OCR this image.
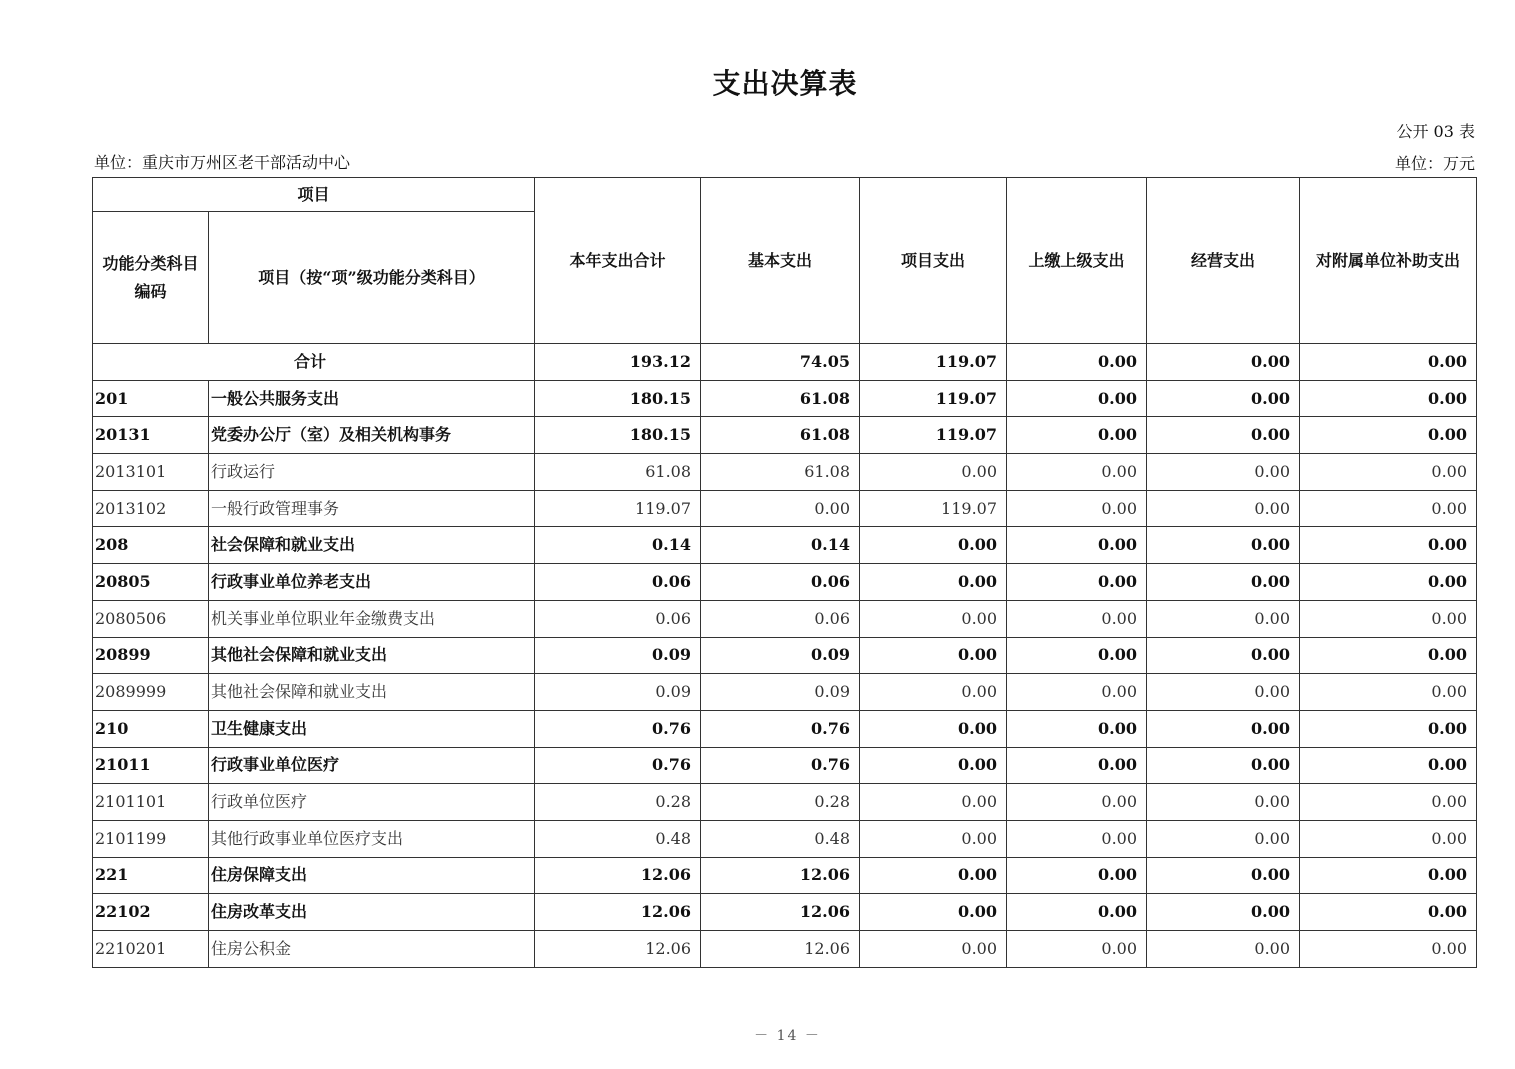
支出决算表
公开 03 表
单位：重庆市万州区老干部活动中心	单位：万元
项目		本年支出合计	基本支出	项目支出	上缴上级支出	经营支出	对附属单位补助支出
功能分类科目编码	项目（按“项”级功能分类科目）						
合计		193.12	74.05	119.07	0.00	0.00	0.00
201	一般公共服务支出	180.15	61.08	119.07	0.00	0.00	0.00
20131	党委办公厅（室）及相关机构事务	180.15	61.08	119.07	0.00	0.00	0.00
2013101	行政运行	61.08	61.08	0.00	0.00	0.00	0.00
2013102	一般行政管理事务	119.07	0.00	119.07	0.00	0.00	0.00
208	社会保障和就业支出	0.14	0.14	0.00	0.00	0.00	0.00
20805	行政事业单位养老支出	0.06	0.06	0.00	0.00	0.00	0.00
2080506	机关事业单位职业年金缴费支出	0.06	0.06	0.00	0.00	0.00	0.00
20899	其他社会保障和就业支出	0.09	0.09	0.00	0.00	0.00	0.00
2089999	其他社会保障和就业支出	0.09	0.09	0.00	0.00	0.00	0.00
210	卫生健康支出	0.76	0.76	0.00	0.00	0.00	0.00
21011	行政事业单位医疗	0.76	0.76	0.00	0.00	0.00	0.00
2101101	行政单位医疗	0.28	0.28	0.00	0.00	0.00	0.00
2101199	其他行政事业单位医疗支出	0.48	0.48	0.00	0.00	0.00	0.00
221	住房保障支出	12.06	12.06	0.00	0.00	0.00	0.00
22102	住房改革支出	12.06	12.06	0.00	0.00	0.00	0.00
2210201	住房公积金	12.06	12.06	0.00	0.00	0.00	0.00
－ 14 －
